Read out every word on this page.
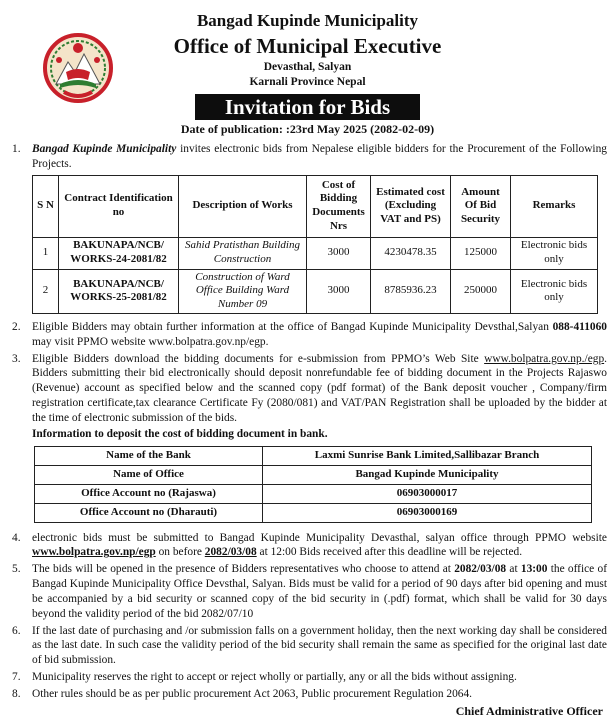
Bangad Kupinde Municipality
Office of Municipal Executive
Devasthal, Salyan
Karnali Province Nepal
Invitation for Bids
Date of publication: :23rd May 2025 (2082-02-09)
1. Bangad Kupinde Municipality invites electronic bids from Nepalese eligible bidders for the Procurement of the Following Projects.
S N	Contract Identification no	Description of Works	Cost of Bidding Documents Nrs	Estimated cost (Excluding VAT and PS)	Amount Of Bid Security	Remarks
1	BAKUNAPA/NCB/ WORKS-24-2081/82	Sahid Pratisthan Building Construction	3000	4230478.35	125000	Electronic bids only
2	BAKUNAPA/NCB/ WORKS-25-2081/82	Construction of Ward Office Building Ward Number 09	3000	8785936.23	250000	Electronic bids only
2. Eligible Bidders may obtain further information at the office of Bangad Kupinde Municipality Devsthal,Salyan 088-411060 may visit PPMO website www.bolpatra.gov.np/egp.
3. Eligible Bidders download the bidding documents for e-submission from PPMO’s Web Site www.bolpatra.gov.np./egp. Bidders submitting their bid electronically should deposit nonrefundable fee of bidding document in the Projects Rajaswo (Revenue) account as specified below and the scanned copy (pdf format) of the Bank deposit voucher , Company/firm registration certificate,tax clearance Certificate Fy (2080/081) and VAT/PAN Registration shall be uploaded by the bidder at the time of electronic submission of the bids.
Information to deposit the cost of bidding document in bank.
Name of the Bank	Laxmi Sunrise Bank Limited,Sallibazar Branch
Name of Office	Bangad Kupinde Municipality
Office Account no (Rajaswa)	06903000017
Office Account no (Dharauti)	06903000169
4. electronic bids must be submitted to Bangad Kupinde Municipality Devasthal, salyan office through PPMO website www.bolpatra.gov.np/egp on before 2082/03/08 at 12:00 Bids received after this deadline will be rejected.
5. The bids will be opened in the presence of Bidders representatives who choose to attend at 2082/03/08 at 13:00 the office of Bangad Kupinde Municipality Office Devsthal, Salyan. Bids must be valid for a period of 90 days after bid opening and must be accompanied by a bid security or scanned copy of the bid security in (.pdf) format, which shall be valid for 30 days beyond the validity period of the bid 2082/07/10
6. If the last date of purchasing and /or submission falls on a government holiday, then the next working day shall be considered as the last date. In such case the validity period of the bid security shall remain the same as specified for the original last date of bid submission.
7. Municipality reserves the right to accept or reject wholly or partially, any or all the bids without assigning.
8. Other rules should be as per public procurement Act 2063, Public procurement Regulation 2064.
Chief Administrative Officer
